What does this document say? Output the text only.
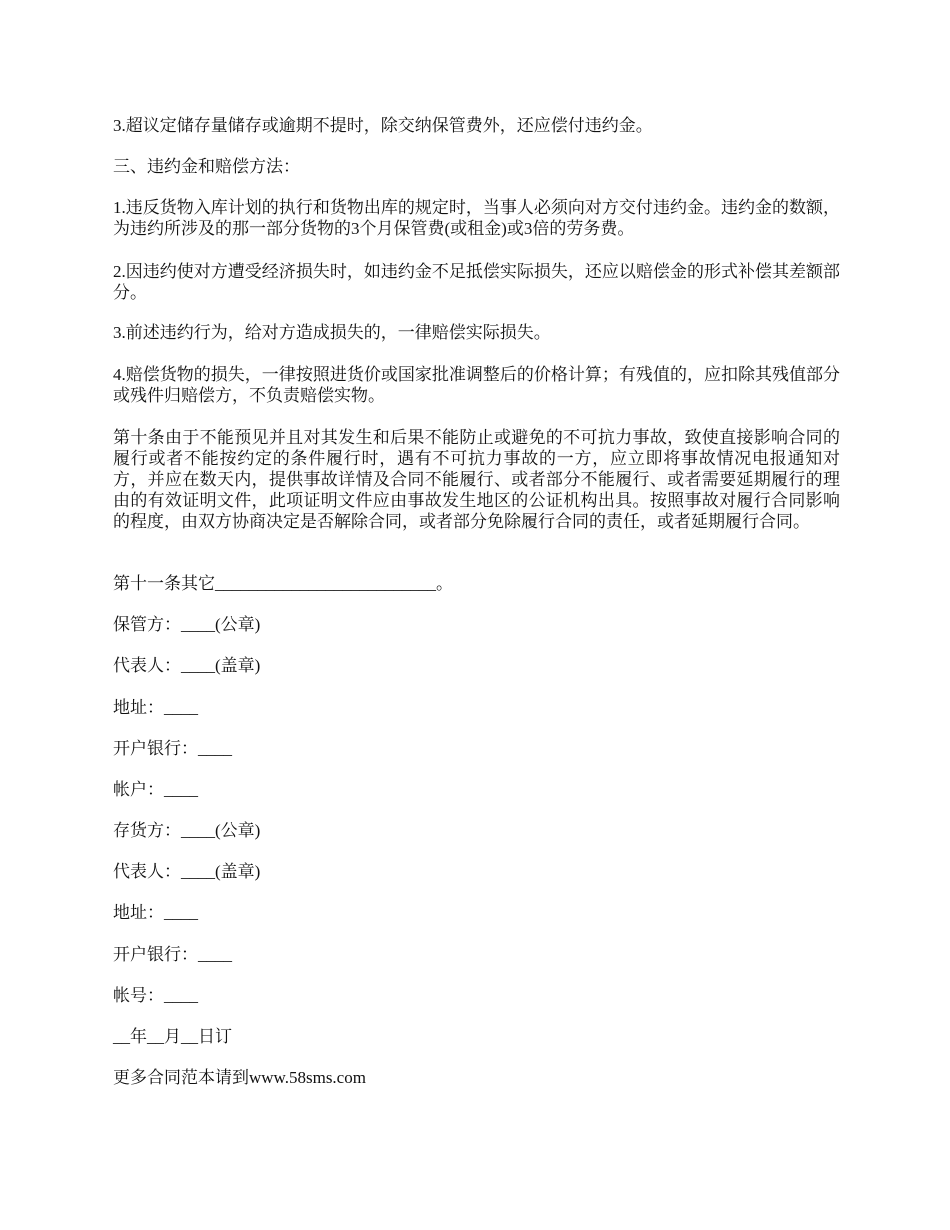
3.超议定储存量储存或逾期不提时，除交纳保管费外，还应偿付违约金。

三、违约金和赔偿方法：

1.违反货物入库计划的执行和货物出库的规定时，当事人必须向对方交付违约金。违约金的数额，为违约所涉及的那一部分货物的3个月保管费(或租金)或3倍的劳务费。

2.因违约使对方遭受经济损失时，如违约金不足抵偿实际损失，还应以赔偿金的形式补偿其差额部分。

3.前述违约行为，给对方造成损失的，一律赔偿实际损失。

4.赔偿货物的损失，一律按照进货价或国家批准调整后的价格计算；有残值的，应扣除其残值部分或残件归赔偿方，不负责赔偿实物。

第十条由于不能预见并且对其发生和后果不能防止或避免的不可抗力事故，致使直接影响合同的履行或者不能按约定的条件履行时，遇有不可抗力事故的一方，应立即将事故情况电报通知对方，并应在数天内，提供事故详情及合同不能履行、或者部分不能履行、或者需要延期履行的理由的有效证明文件，此项证明文件应由事故发生地区的公证机构出具。按照事故对履行合同影响的程度，由双方协商决定是否解除合同，或者部分免除履行合同的责任，或者延期履行合同。

第十一条其它__________________________。

保管方：____(公章)

代表人：____(盖章)

地址：____

开户银行：____

帐户：____

存货方：____(公章)

代表人：____(盖章)

地址：____

开户银行：____

帐号：____

__年__月__日订

更多合同范本请到www.58sms.com
